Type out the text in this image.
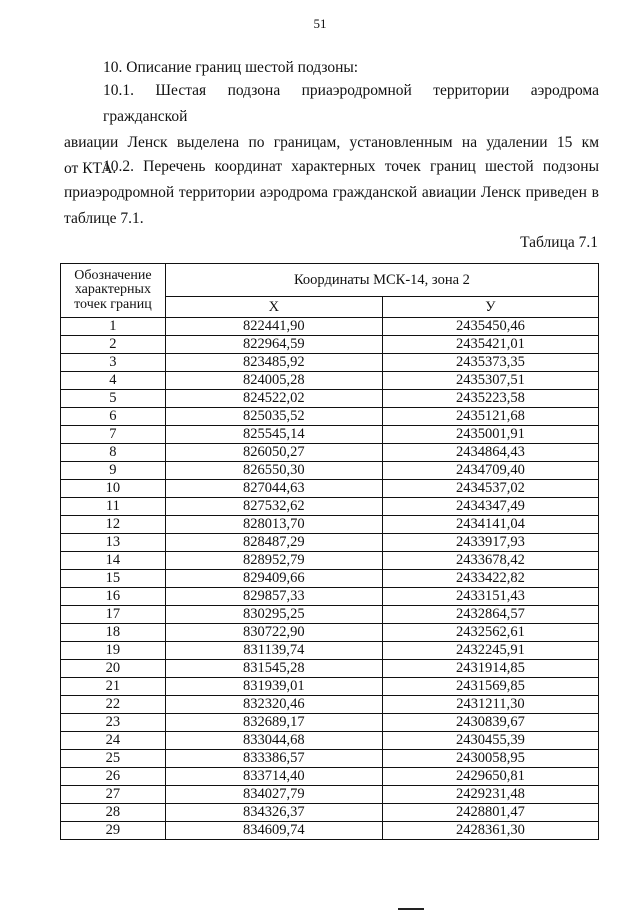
51
10. Описание границ шестой подзоны:
10.1. Шестая подзона приаэродромной территории аэродрома гражданской
авиации Ленск выделена по границам, установленным на удалении 15 км
от КТА.
10.2. Перечень координат характерных точек границ шестой подзоны
приаэродромной территории аэродрома гражданской авиации Ленск приведен в
таблице 7.1.
Таблица 7.1
Обозначение характерных точек границ	Координаты МСК-14, зона 2	
	X	У
1	822441,90	2435450,46
2	822964,59	2435421,01
3	823485,92	2435373,35
4	824005,28	2435307,51
5	824522,02	2435223,58
6	825035,52	2435121,68
7	825545,14	2435001,91
8	826050,27	2434864,43
9	826550,30	2434709,40
10	827044,63	2434537,02
11	827532,62	2434347,49
12	828013,70	2434141,04
13	828487,29	2433917,93
14	828952,79	2433678,42
15	829409,66	2433422,82
16	829857,33	2433151,43
17	830295,25	2432864,57
18	830722,90	2432562,61
19	831139,74	2432245,91
20	831545,28	2431914,85
21	831939,01	2431569,85
22	832320,46	2431211,30
23	832689,17	2430839,67
24	833044,68	2430455,39
25	833386,57	2430058,95
26	833714,40	2429650,81
27	834027,79	2429231,48
28	834326,37	2428801,47
29	834609,74	2428361,30
